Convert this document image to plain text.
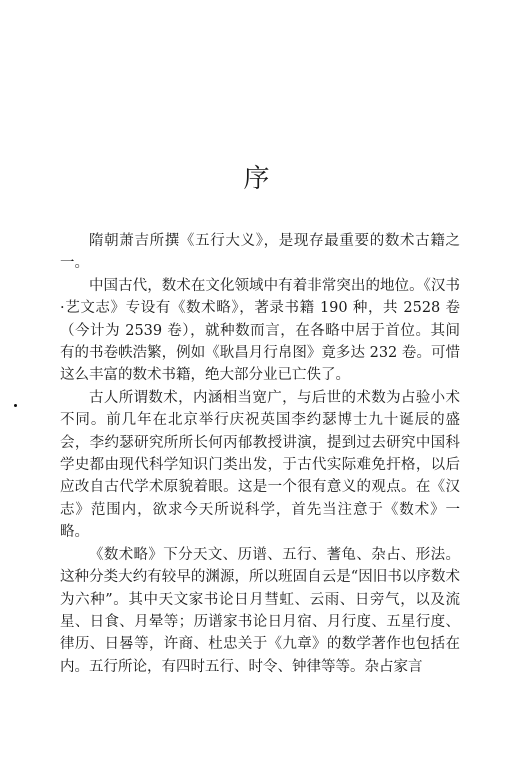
序

隋朝萧吉所撰《五行大义》，是现存最重要的数术古籍之一。

中国古代，数术在文化领域中有着非常突出的地位。《汉书·艺文志》专设有《数术略》，著录书籍 190 种，共 2528 卷（今计为 2539 卷），就种数而言，在各略中居于首位。其间有的书卷帙浩繁，例如《耿昌月行帛图》竟多达 232 卷。可惜这么丰富的数术书籍，绝大部分业已亡佚了。

古人所谓数术，内涵相当宽广，与后世的术数为占验小术不同。前几年在北京举行庆祝英国李约瑟博士九十诞辰的盛会，李约瑟研究所所长何丙郁教授讲演，提到过去研究中国科学史都由现代科学知识门类出发，于古代实际难免扞格，以后应改自古代学术原貌着眼。这是一个很有意义的观点。在《汉志》范围内，欲求今天所说科学，首先当注意于《数术》一略。

《数术略》下分天文、历谱、五行、蓍龟、杂占、形法。这种分类大约有较早的渊源，所以班固自云是“因旧书以序数术为六种”。其中天文家书论日月彗虹、云雨、日旁气，以及流星、日食、月晕等；历谱家书论日月宿、月行度、五星行度、律历、日晷等，许商、杜忠关于《九章》的数学著作也包括在内。五行所论，有四时五行、时令、钟律等等。杂占家言
